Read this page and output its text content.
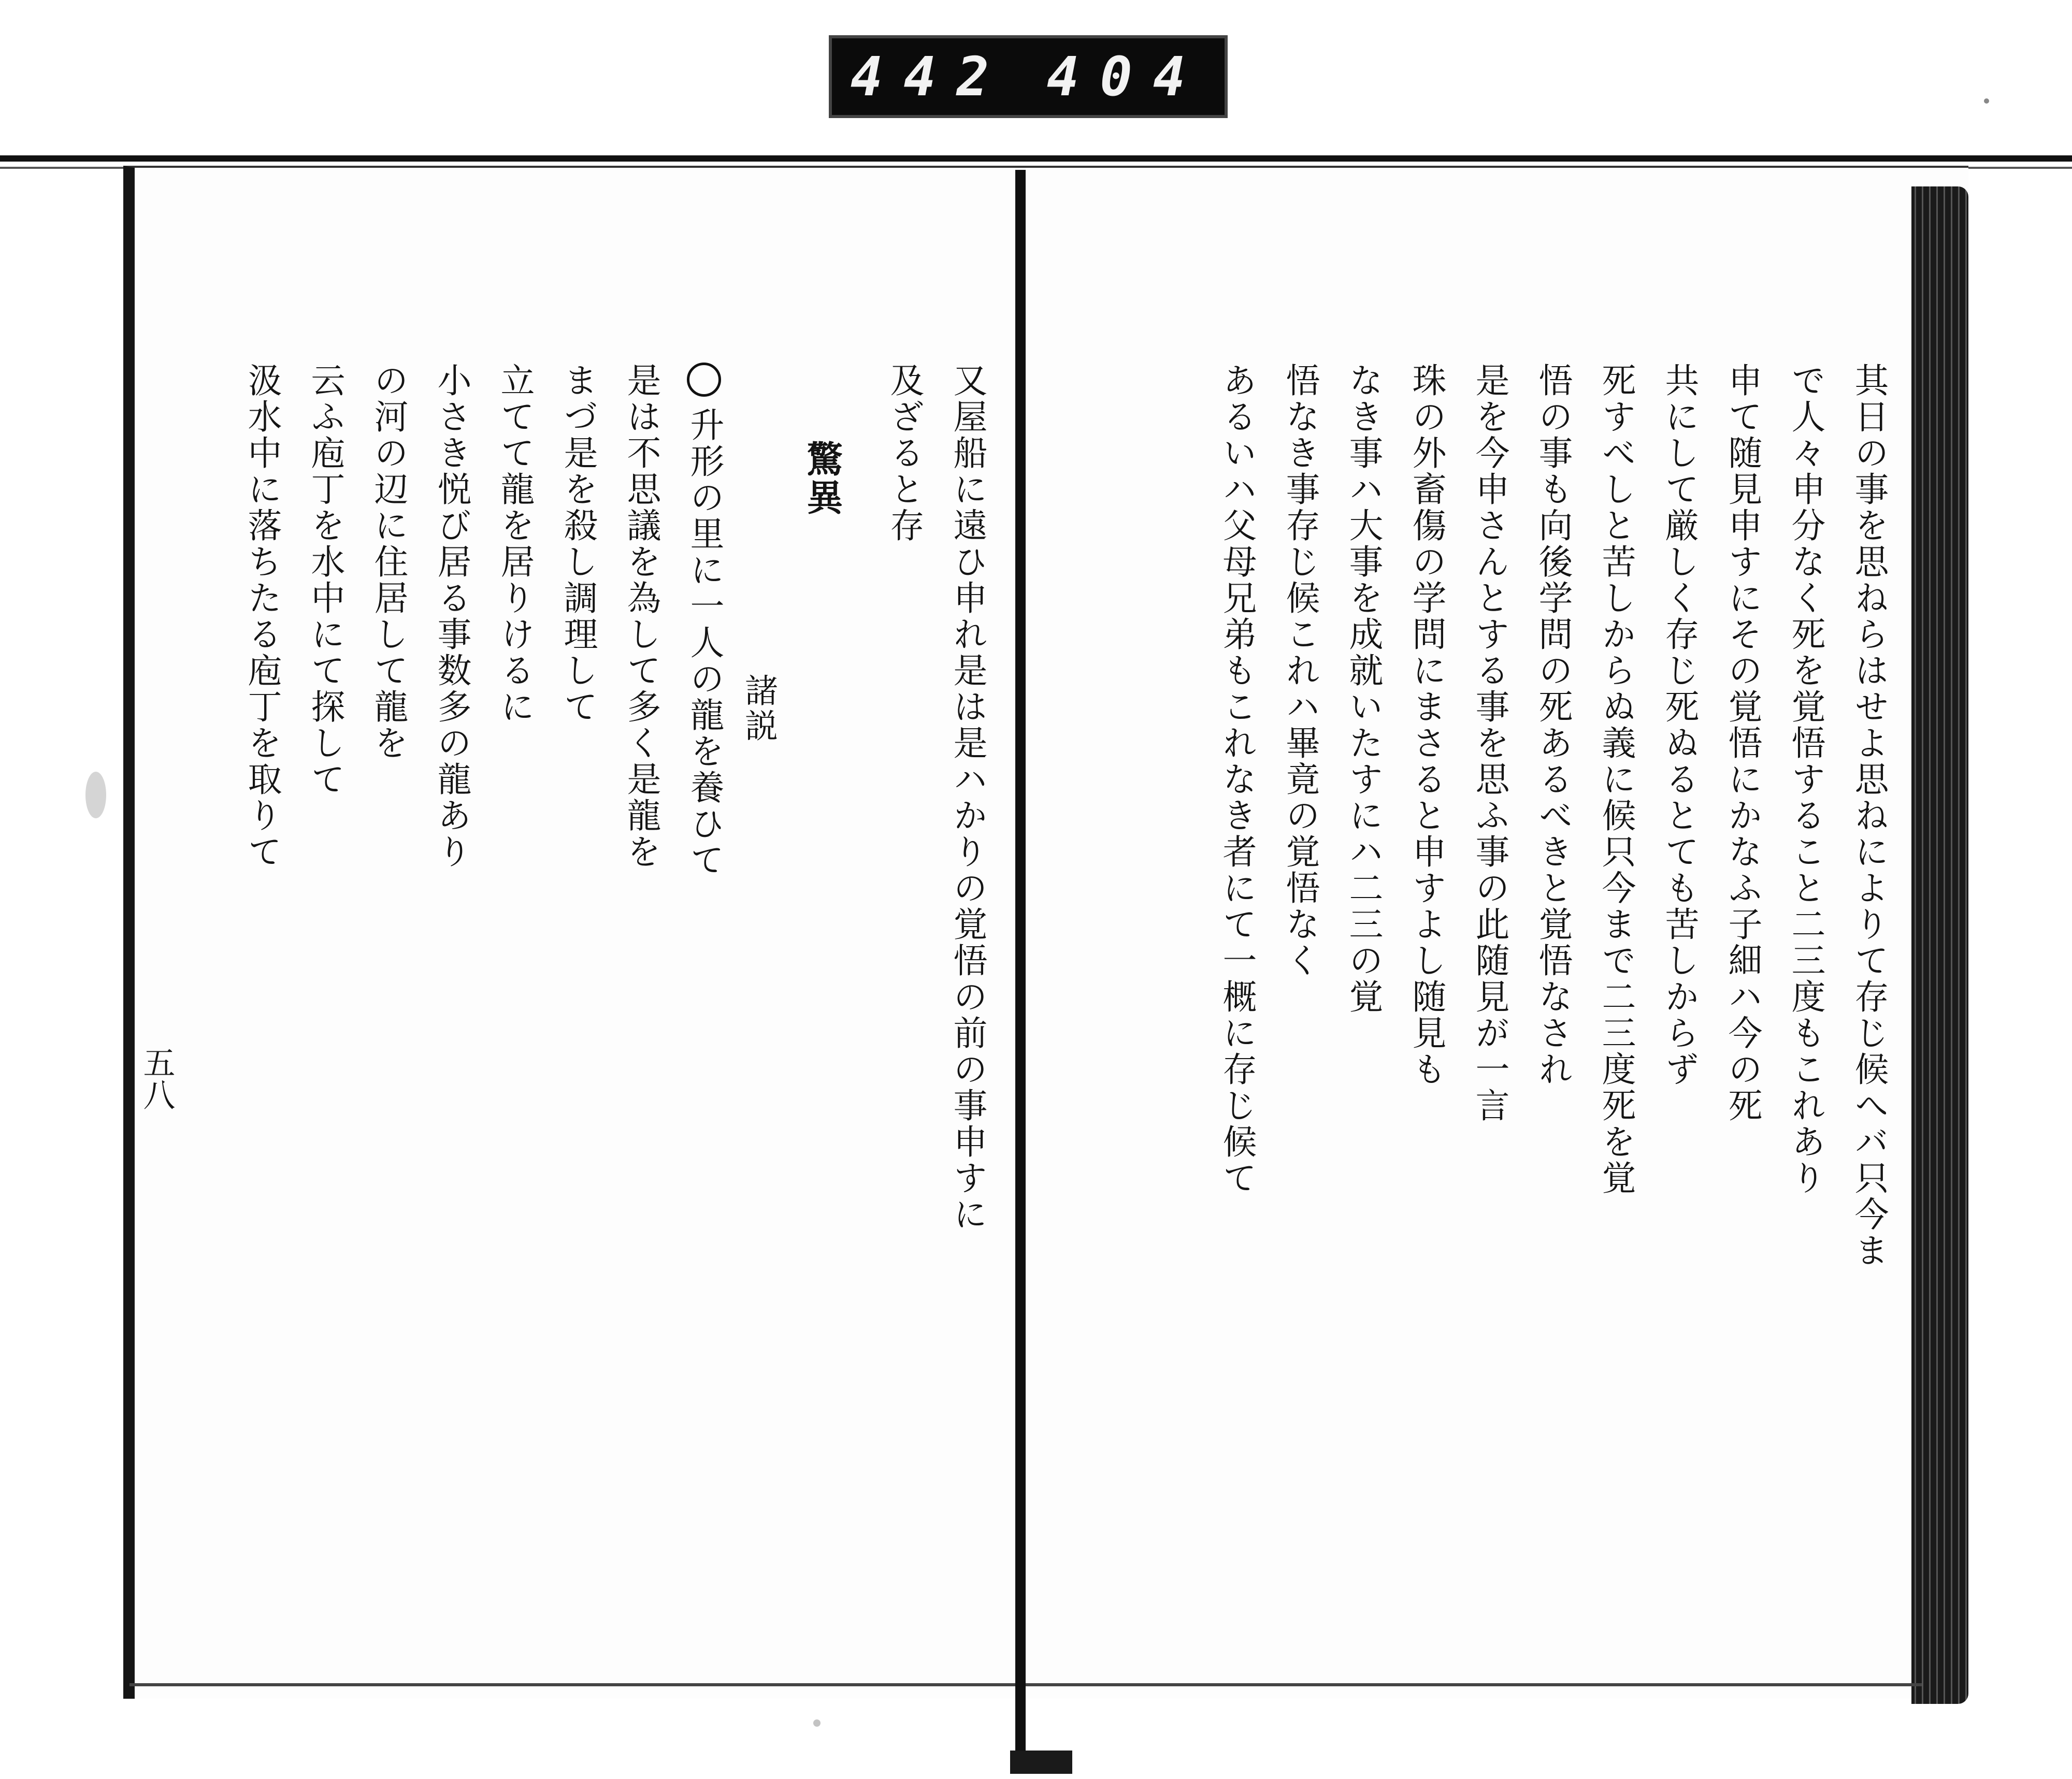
442 404
又屋船に遠ひ申れ是は是ハかりの覚悟の前の事申すに
及ざると存
驚異
諸説
升形の里に一人の龍を養ひて
是は不思議を為して多く是龍を
まづ是を殺し調理して
立てて龍を居りけるに
小さき悦び居る事数多の龍あり
の河の辺に住居して龍を
云ふ庖丁を水中にて探して
汲水中に落ちたる庖丁を取りて
五八	其日の事を思ねらはせよ思ねによりて存じ候へバ只今ま
で人々申分なく死を覚悟すること二三度もこれあり
申て随見申すにその覚悟にかなふ子細ハ今の死
共にして厳しく存じ死ぬるとても苦しからず
死すべしと苦しからぬ義に候只今まで二三度死を覚
悟の事も向後学問の死あるべきと覚悟なされ
是を今申さんとする事を思ふ事の此随見が一言
珠の外畜傷の学問にまさると申すよし随見も
なき事ハ大事を成就いたすにハ二三の覚
悟なき事存じ候これハ畢竟の覚悟なく
あるいハ父母兄弟もこれなき者にて一概に存じ候て
